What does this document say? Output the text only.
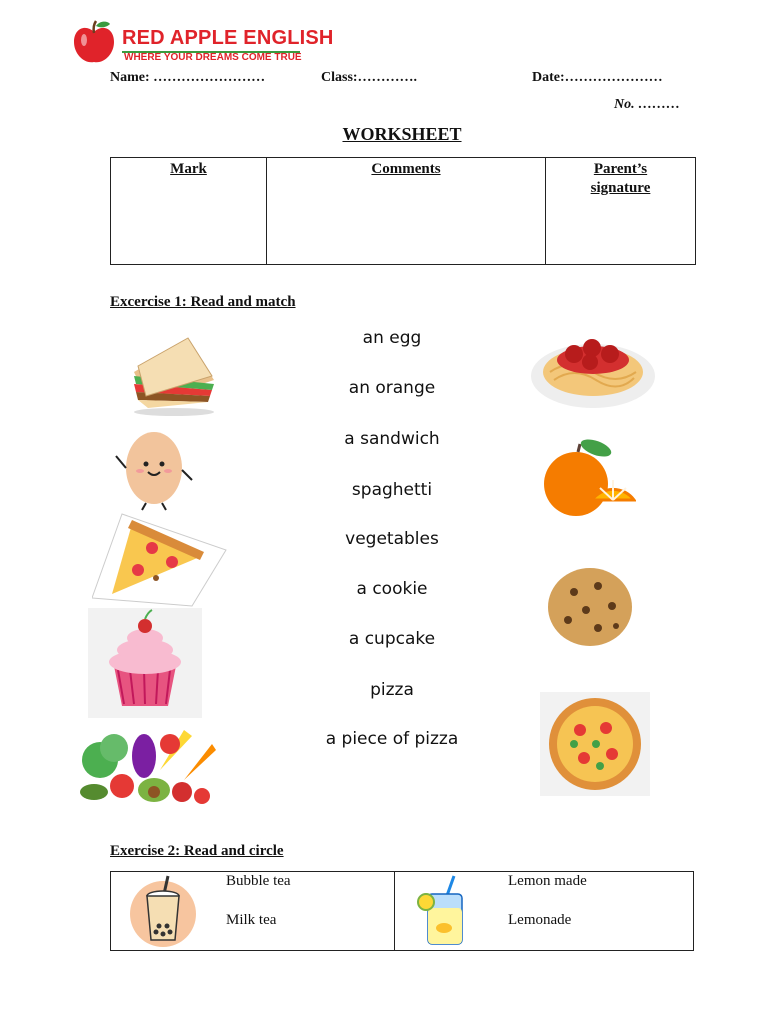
RED APPLE ENGLISH
WHERE YOUR DREAMS COME TRUE
Name: ……………………	Class:………….	Date:…………………
No. ………
WORKSHEET
Mark	Comments	Parent’s signature
Excercise 1: Read and match
an egg
an orange
a sandwich
spaghetti
vegetables
a cookie
a cupcake
pizza
a piece of pizza
Exercise 2: Read and circle
Bubble tea
Milk tea
Lemon made
Lemonade
